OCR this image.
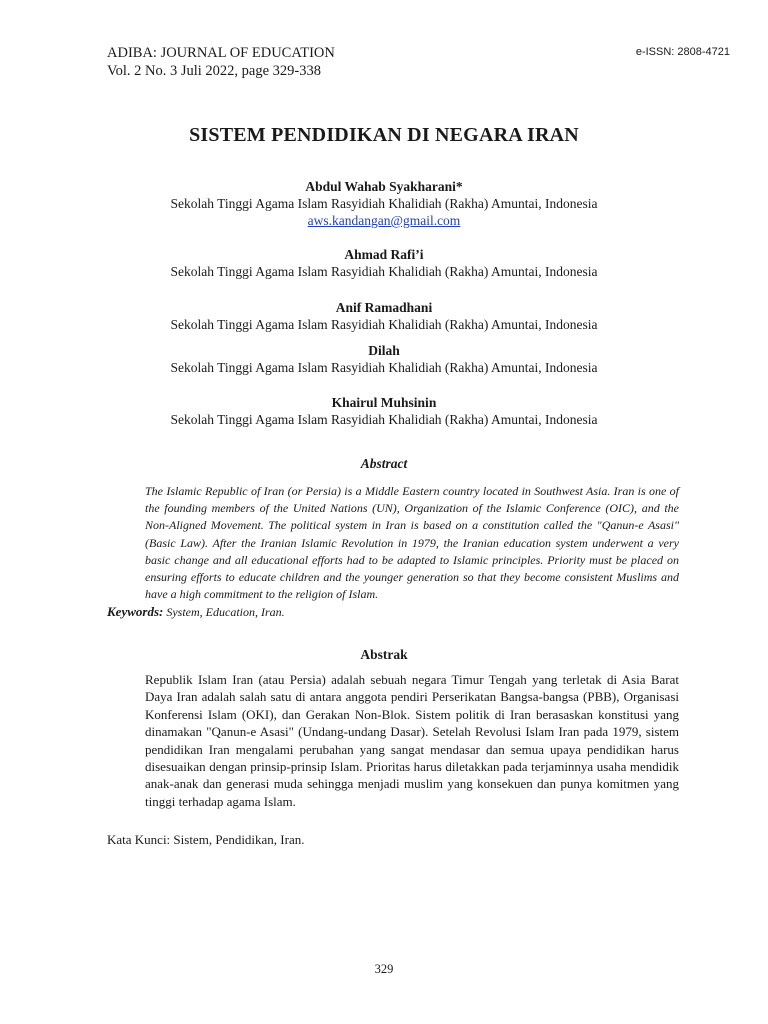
ADIBA: JOURNAL OF EDUCATION
Vol. 2 No. 3 Juli 2022, page 329-338
e-ISSN: 2808-4721
SISTEM PENDIDIKAN DI NEGARA IRAN
Abdul Wahab Syakharani*
Sekolah Tinggi Agama Islam Rasyidiah Khalidiah (Rakha) Amuntai, Indonesia
aws.kandangan@gmail.com
Ahmad Rafi’i
Sekolah Tinggi Agama Islam Rasyidiah Khalidiah (Rakha) Amuntai, Indonesia
Anif Ramadhani
Sekolah Tinggi Agama Islam Rasyidiah Khalidiah (Rakha) Amuntai, Indonesia
Dilah
Sekolah Tinggi Agama Islam Rasyidiah Khalidiah (Rakha) Amuntai, Indonesia
Khairul Muhsinin
Sekolah Tinggi Agama Islam Rasyidiah Khalidiah (Rakha) Amuntai, Indonesia
Abstract

The Islamic Republic of Iran (or Persia) is a Middle Eastern country located in Southwest Asia. Iran is one of the founding members of the United Nations (UN), Organization of the Islamic Conference (OIC), and the Non-Aligned Movement. The political system in Iran is based on a constitution called the "Qanun-e Asasi" (Basic Law). After the Iranian Islamic Revolution in 1979, the Iranian education system underwent a very basic change and all educational efforts had to be adapted to Islamic principles. Priority must be placed on ensuring efforts to educate children and the younger generation so that they become consistent Muslims and have a high commitment to the religion of Islam.

Keywords: System, Education, Iran.
Abstrak

Republik Islam Iran (atau Persia) adalah sebuah negara Timur Tengah yang terletak di Asia Barat Daya Iran adalah salah satu di antara anggota pendiri Perserikatan Bangsa-bangsa (PBB), Organisasi Konferensi Islam (OKI), dan Gerakan Non-Blok. Sistem politik di Iran berasaskan konstitusi yang dinamakan "Qanun-e Asasi" (Undang-undang Dasar). Setelah Revolusi Islam Iran pada 1979, sistem pendidikan Iran mengalami perubahan yang sangat mendasar dan semua upaya pendidikan harus disesuaikan dengan prinsip-prinsip Islam. Prioritas harus diletakkan pada terjaminnya usaha mendidik anak-anak dan generasi muda sehingga menjadi muslim yang konsekuen dan punya komitmen yang tinggi terhadap agama Islam.

Kata Kunci: Sistem, Pendidikan, Iran.
329
